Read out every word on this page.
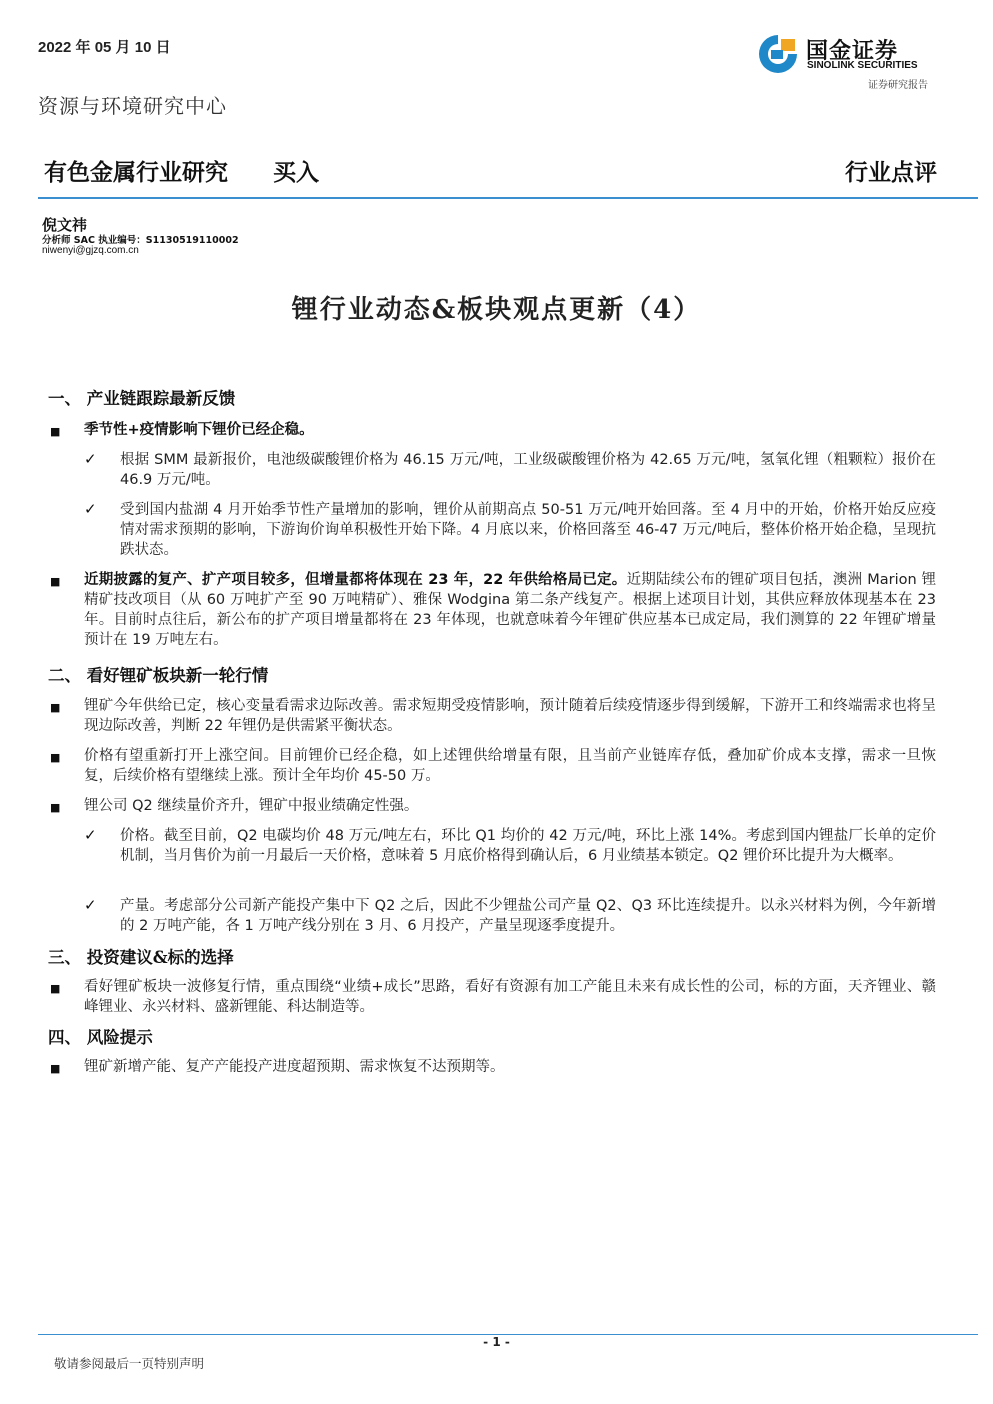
2022 年 05 月 10 日	国金证券
SINOLINK SECURITIES
证券研究报告
资源与环境研究中心
有色金属行业研究 买入	行业点评
倪文祎
分析师 SAC 执业编号：S1130519110002
niwenyi@gjzq.com.cn
锂行业动态&板块观点更新（4）
一、 产业链跟踪最新反馈
■ 季节性+疫情影响下锂价已经企稳。

✓ 根据 SMM 最新报价，电池级碳酸锂价格为 46.15 万元/吨，工业级碳酸锂价格为 42.65 万元/吨，氢氧化锂（粗颗粒）报价在 46.9 万元/吨。

✓ 受到国内盐湖 4 月开始季节性产量增加的影响，锂价从前期高点 50-51 万元/吨开始回落。至 4 月中的开始，价格开始反应疫情对需求预期的影响，下游询价询单积极性开始下降。4 月底以来，价格回落至 46-47 万元/吨后，整体价格开始企稳，呈现抗跌状态。

■ 近期披露的复产、扩产项目较多，但增量都将体现在 23 年，22 年供给格局已定。近期陆续公布的锂矿项目包括，澳洲 Marion 锂精矿技改项目（从 60 万吨扩产至 90 万吨精矿）、雅保 Wodgina 第二条产线复产。根据上述项目计划，其供应释放体现基本在 23 年。目前时点往后，新公布的扩产项目增量都将在 23 年体现，也就意味着今年锂矿供应基本已成定局，我们测算的 22 年锂矿增量预计在 19 万吨左右。

二、 看好锂矿板块新一轮行情
■ 锂矿今年供给已定，核心变量看需求边际改善。需求短期受疫情影响，预计随着后续疫情逐步得到缓解，下游开工和终端需求也将呈现边际改善，判断 22 年锂仍是供需紧平衡状态。

■ 价格有望重新打开上涨空间。目前锂价已经企稳，如上述锂供给增量有限，且当前产业链库存低，叠加矿价成本支撑，需求一旦恢复，后续价格有望继续上涨。预计全年均价 45-50 万。

■ 锂公司 Q2 继续量价齐升，锂矿中报业绩确定性强。

✓ 价格。截至目前，Q2 电碳均价 48 万元/吨左右，环比 Q1 均价的 42 万元/吨，环比上涨 14%。考虑到国内锂盐厂长单的定价机制，当月售价为前一月最后一天价格，意味着 5 月底价格得到确认后，6 月业绩基本锁定。Q2 锂价环比提升为大概率。

✓ 产量。考虑部分公司新产能投产集中下 Q2 之后，因此不少锂盐公司产量 Q2、Q3 环比连续提升。以永兴材料为例，今年新增的 2 万吨产能，各 1 万吨产线分别在 3 月、6 月投产，产量呈现逐季度提升。

三、 投资建议&标的选择
■ 看好锂矿板块一波修复行情，重点围绕“业绩+成长”思路，看好有资源有加工产能且未来有成长性的公司，标的方面，天齐锂业、赣峰锂业、永兴材料、盛新锂能、科达制造等。

四、 风险提示
■ 锂矿新增产能、复产产能投产进度超预期、需求恢复不达预期等。

- 1 -
敬请参阅最后一页特别声明
